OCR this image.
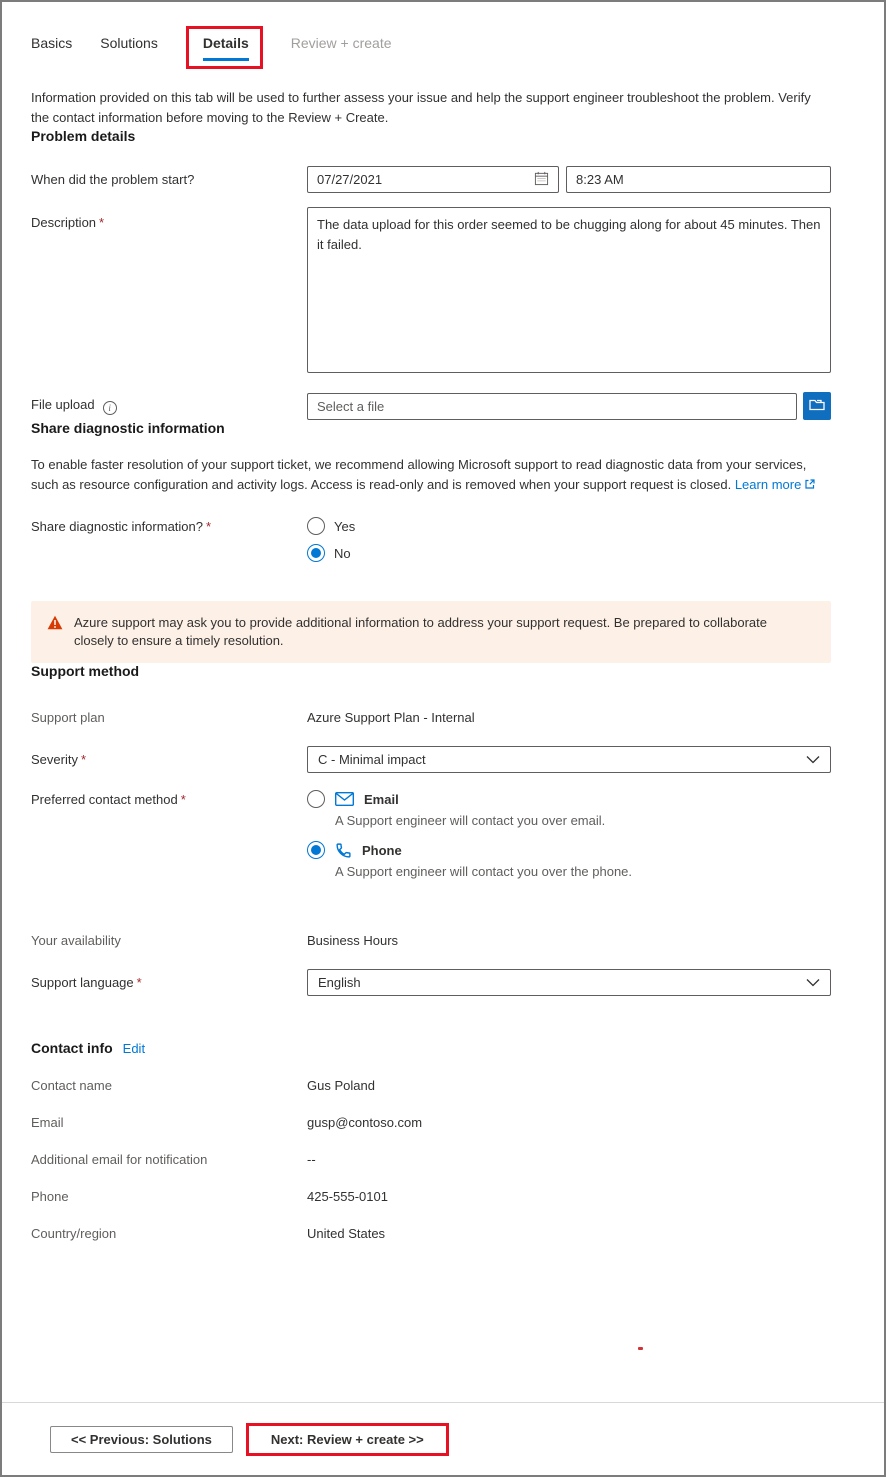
Basics Solutions	Details	Review + create

Information provided on this tab will be used to further assess your issue and help the support engineer troubleshoot the problem. Verify the contact information before moving to the Review + Create.

Problem details
When did the problem start?	07/27/2021	8:23 AM
Description *	The data upload for this order seemed to be chugging along for about 45 minutes. Then it failed.
File upload i	Select a file
Share diagnostic information

To enable faster resolution of your support ticket, we recommend allowing Microsoft support to read diagnostic data from your services, such as resource configuration and activity logs. Access is read-only and is removed when your support request is closed. Learn more

Share diagnostic information? *	Yes
No
Azure support may ask you to provide additional information to address your support request. Be prepared to collaborate closely to ensure a timely resolution.
Support method
Support plan	Azure Support Plan - Internal
Severity *	C - Minimal impact
Preferred contact method *	Email
A Support engineer will contact you over email.
Phone
A Support engineer will contact you over the phone.
Your availability	Business Hours
Support language *	English
Contact info Edit
Contact name	Gus Poland
Email	gusp@contoso.com
Additional email for notification	--
Phone	425-555-0101
Country/region	United States
<< Previous: Solutions	Next: Review + create >>
